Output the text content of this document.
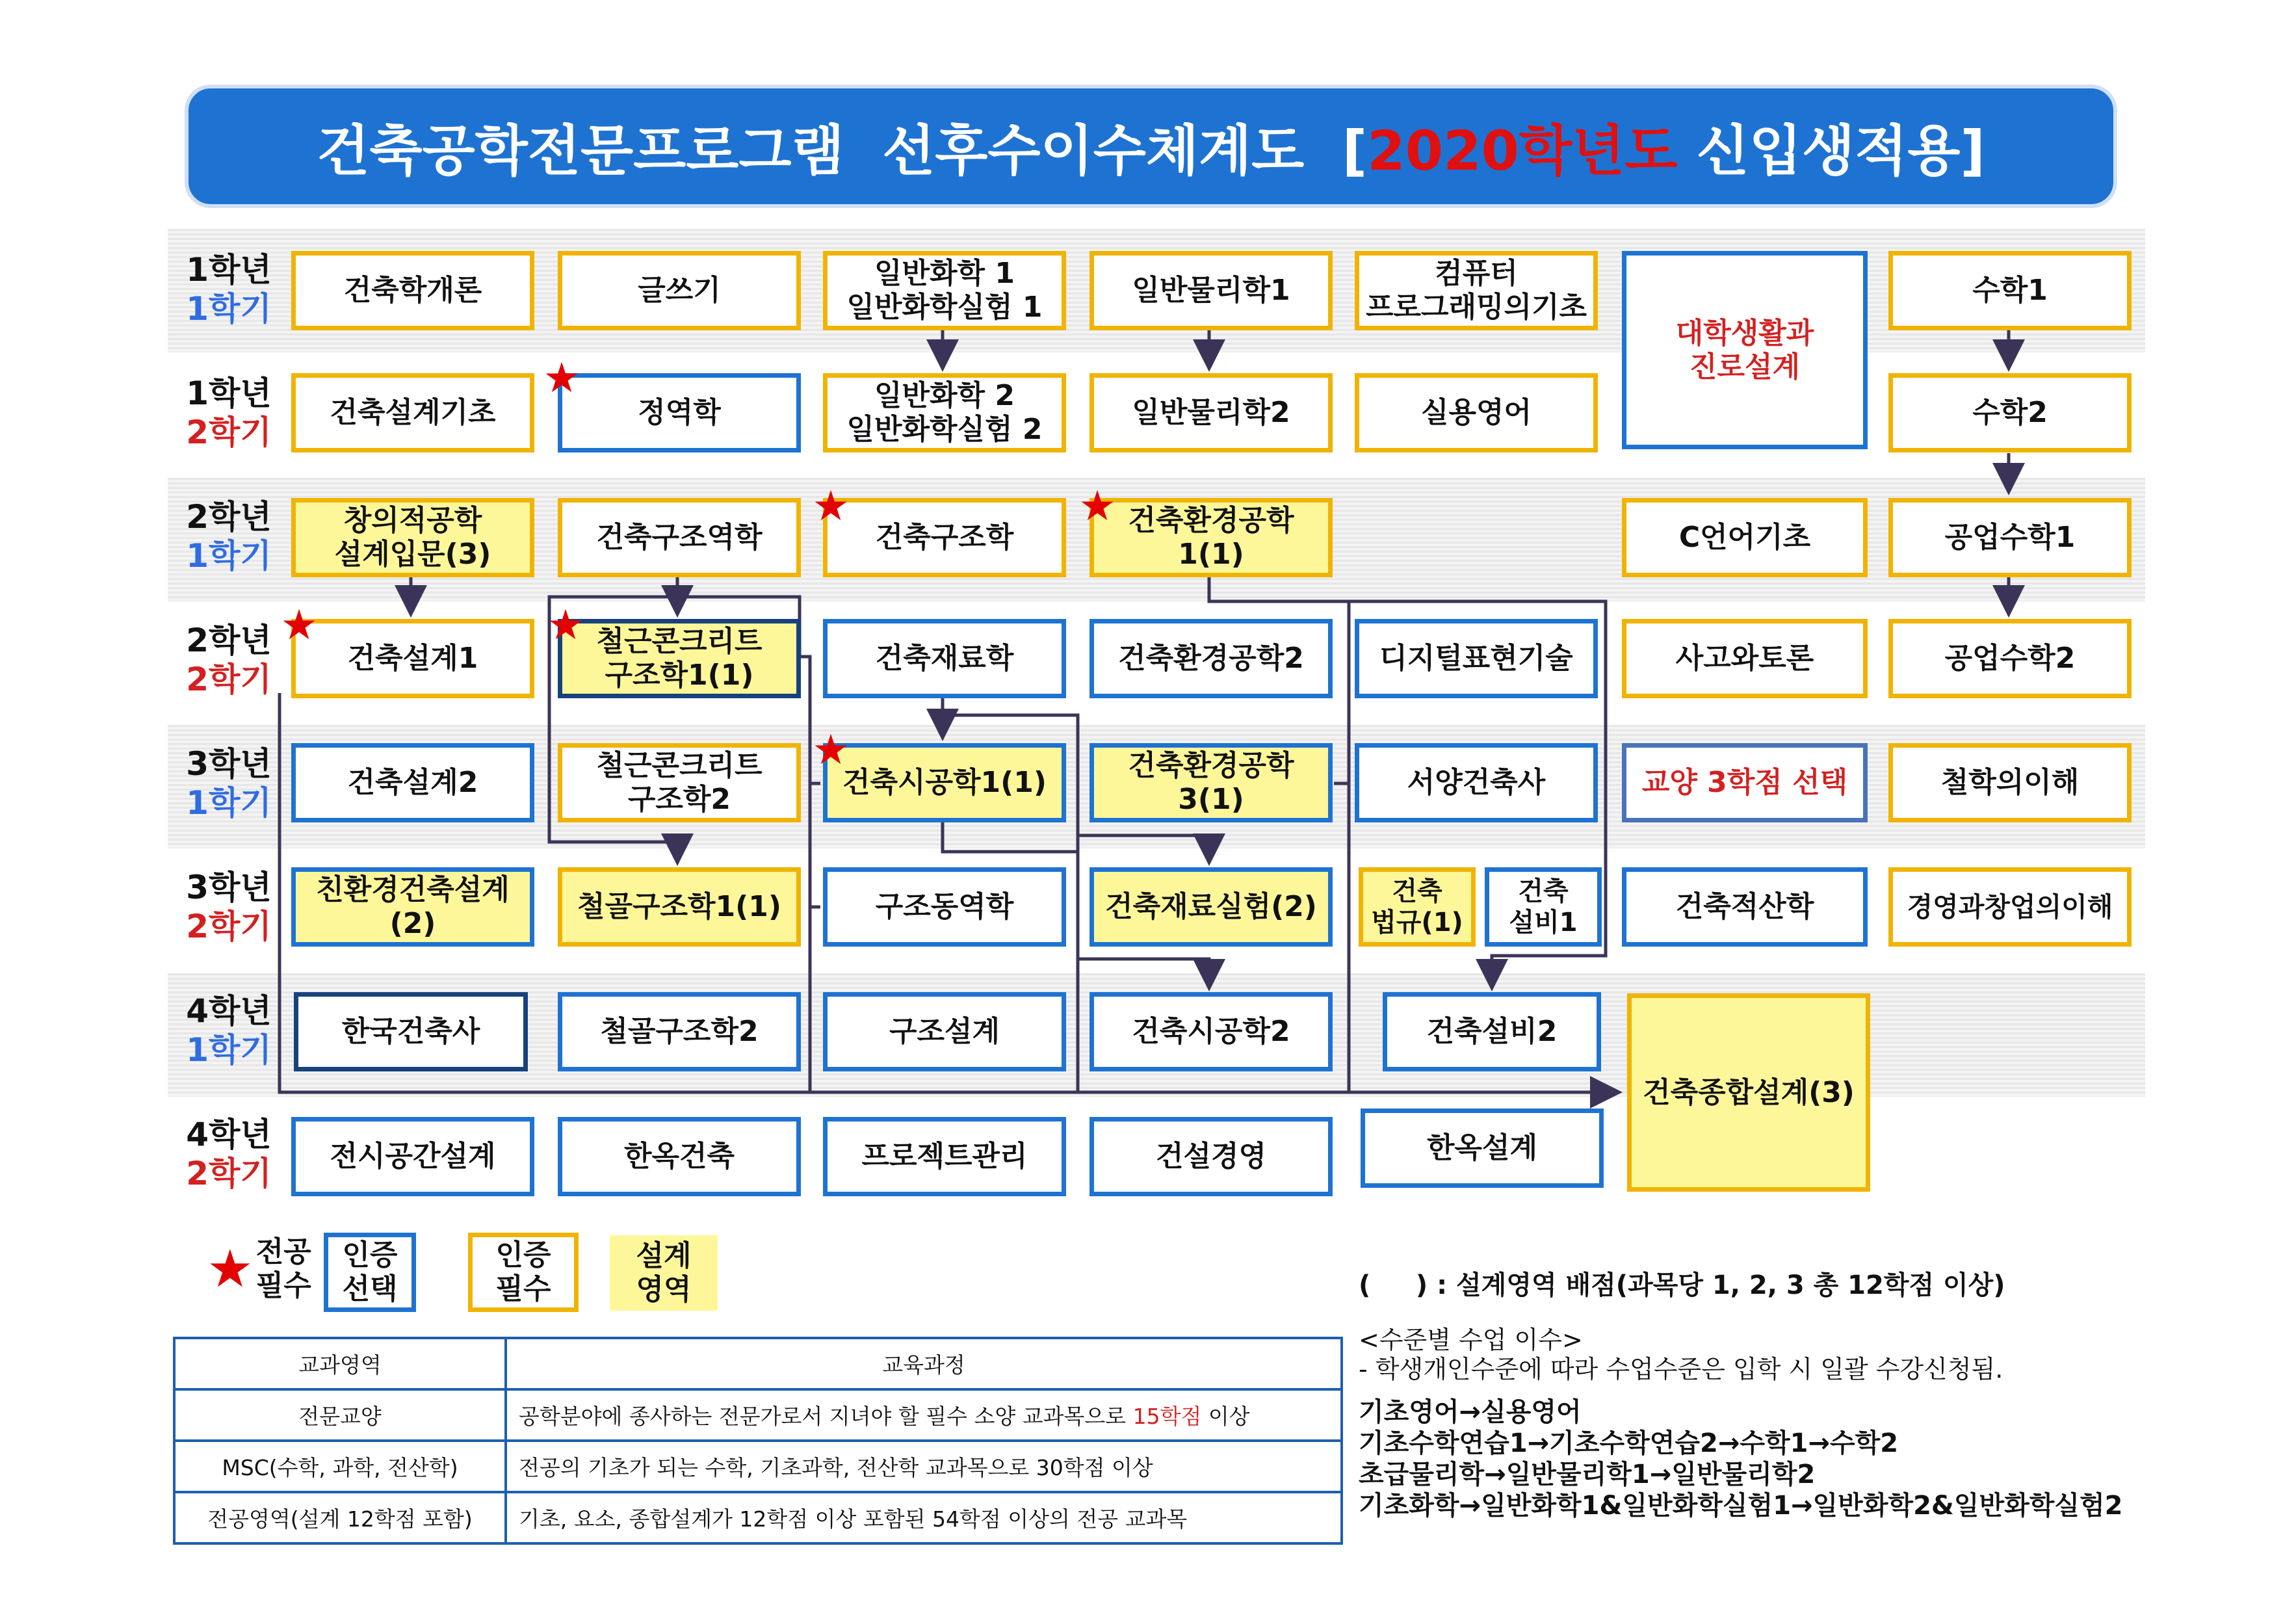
건축공학전문프로그램  선후수이수체계도  [2020학년도 신입생적용]
1학년
1학기
1학년
2학기
2학년
1학기
2학년
2학기
3학년
1학기
3학년
2학기
4학년
1학기
4학년
2학기
건축학개론	글쓰기
일반화학 1
일반화학실험 1
일반물리학1
컴퓨터
프로그래밍의기초
대학생활과
진로설계
수학1
건축설계기초	정역학
일반화학 2
일반화학실험 2
일반물리학2	실용영어	수학2
창의적공학
설계입문(3)
건축구조역학	건축구조학
건축환경공학1(1)
C언어기초	공업수학1
건축설계1
철근콘크리트
구조학1(1)
건축재료학	건축환경공학2	디지털표현기술	사고와토론	공업수학2
건축설계2
철근콘크리트
구조학2
건축시공학1(1)
건축환경공학3(1)
서양건축사	교양 3학점 선택	철학의이해
친환경건축설계(2)
철골구조학1(1)	구조동역학	건축재료실험(2)	건축
법규(1)
건축
설비1	건축적산학	경영과창업의이해
한국건축사	철골구조학2	구조설계	건축시공학2	건축설비2
건축종합설계(3)
전시공간설계	한옥건축	프로젝트관리	건설경영	한옥설계
★
★	★
★	★
★
★ 전공
필수
인증
선택
인증
필수
설계
영역
교과영역	교육과정
전문교양	공학분야에 종사하는 전문가로서 지녀야 할 필수 소양 교과목으로 15학점 이상
MSC(수학, 과학, 전산학)	전공의 기초가 되는 수학, 기초과학, 전산학 교과목으로 30학점 이상
전공영역(설계 12학점 포함)	기초, 요소, 종합설계가 12학점 이상 포함된 54학점 이상의 전공 교과목
(     ) : 설계영역 배점(과목당 1, 2, 3 총 12학점 이상)
<수준별 수업 이수>
- 학생개인수준에 따라 수업수준은 입학 시 일괄 수강신청됨.
기초영어→실용영어
기초수학연습1→기초수학연습2→수학1→수학2
초급물리학→일반물리학1→일반물리학2
기초화학→일반화학1&일반화학실험1→일반화학2&일반화학실험2
